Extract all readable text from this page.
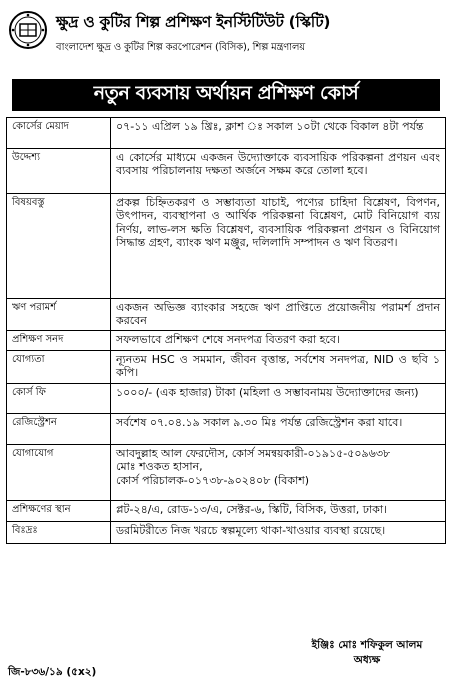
ক্ষুদ্র ও কুটির শিল্প প্রশিক্ষণ ইনস্টিটিউট (স্কিটি)
বাংলাদেশ ক্ষুদ্র ও কুটির শিল্প করপোরেশন (বিসিক), শিল্প মন্ত্রণালয়
নতুন ব্যবসায় অর্থায়ন প্রশিক্ষণ কোর্স
কোর্সের মেয়াদ	০৭-১১ এপ্রিল ১৯ খ্রিঃ, ক্লাশ ঃ সকাল ১০টা থেকে বিকাল ৪টা পর্যন্ত
উদ্দেশ্য	এ কোর্সের মাধ্যমে একজন উদ্যোক্তাকে ব্যবসায়িক পরিকল্পনা প্রণয়ন এবং ব্যবসায় পরিচালনায় দক্ষতা অর্জনে সক্ষম করে তোলা হবে।
বিষয়বস্তু	প্রকল্প চিহ্নিতকরণ ও সম্ভাব্যতা যাচাই, পণ্যের চাহিদা বিশ্লেষণ, বিপণন, উৎপাদন, ব্যবস্থাপনা ও আর্থিক পরিকল্পনা বিশ্লেষণ, মোট বিনিয়োগ ব্যয় নির্ণয়, লাভ-লস ক্ষতি বিশ্লেষণ, ব্যবসায়িক পরিকল্পনা প্রণয়ন ও বিনিয়োগ সিদ্ধান্ত গ্রহণ, ব্যাংক ঋণ মঞ্জুর, দলিলাদি সম্পাদন ও ঋণ বিতরণ।
ঋণ পরামর্শ	একজন অভিজ্ঞ ব্যাংকার সহজে ঋণ প্রাপ্তিতে প্রয়োজনীয় পরামর্শ প্রদান করবেন
প্রশিক্ষণ সনদ	সফলভাবে প্রশিক্ষণ শেষে সনদপত্র বিতরণ করা হবে।
যোগ্যতা	ন্যূনতম HSC ও সমমান, জীবন বৃত্তান্ত, সর্বশেষ সনদপত্র, NID ও ছবি ১ কপি।
কোর্স ফি	১০০০/- (এক হাজার) টাকা (মহিলা ও সম্ভাবনাময় উদ্যোক্তাদের জন্য)
রেজিস্ট্রেশন	সর্বশেষ ০৭.০৪.১৯ সকাল ৯.৩০ মিঃ পর্যন্ত রেজিস্ট্রেশন করা যাবে।
যোগাযোগ	আবদুল্লাহ আল ফেরদৌস, কোর্স সমন্বয়কারী-০১৯১৫-৫০৯৬৩৮
মোঃ শওকত হাসান,
কোর্স পরিচালক-০১৭৩৮-৯০২৪০৮ (বিকাশ)
প্রশিক্ষণের স্থান	প্লট-২৪/এ, রোড-১৩/এ, সেক্টর-৬, স্কিটি, বিসিক, উত্তরা, ঢাকা।
বিঃদ্রঃ	ডরমিটরীতে নিজ খরচে স্বল্পমূল্যে থাকা-খাওয়ার ব্যবস্থা রয়েছে।
ইঞ্জিঃ মোঃ শফিকুল আলম
অধ্যক্ষ
জি-৮৩৬/১৯ (৫x২)
